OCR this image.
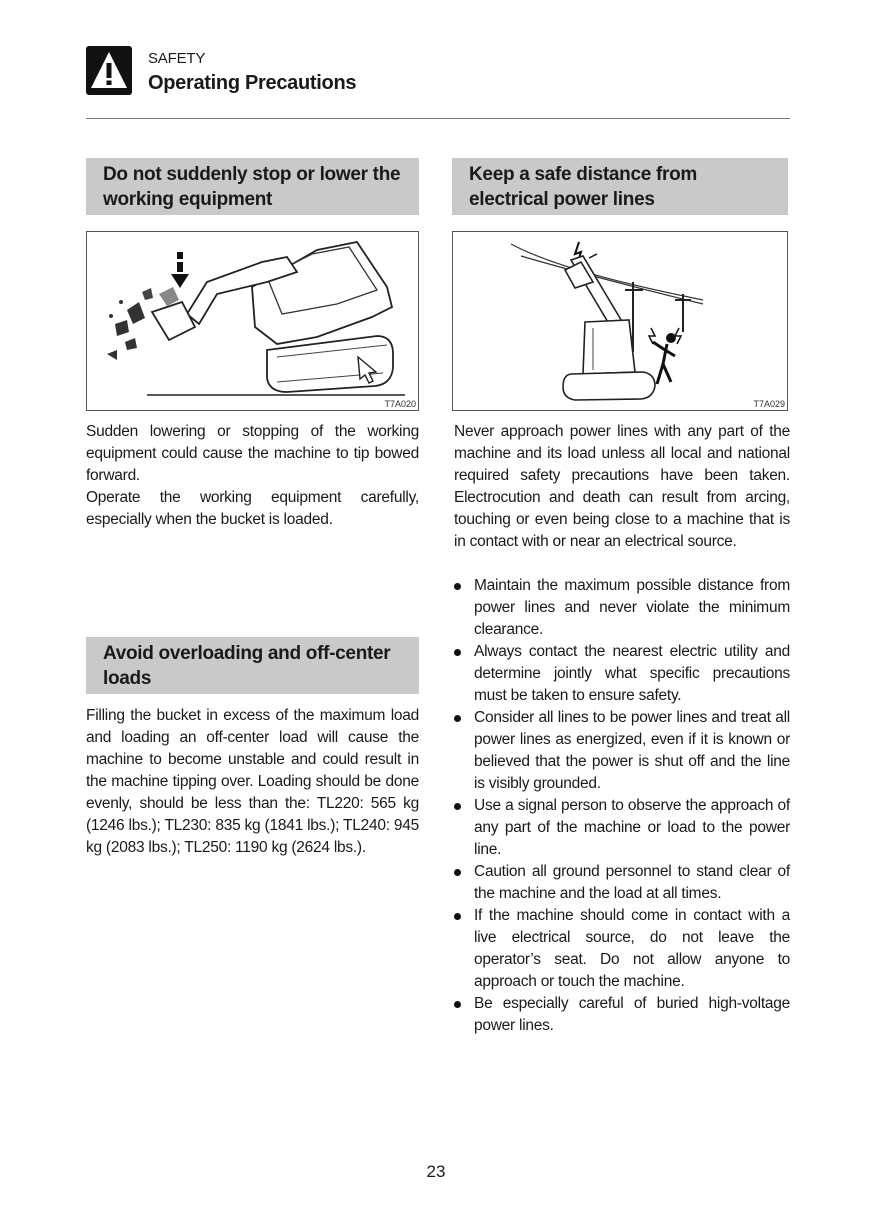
SAFETY
Operating Precautions
Do not suddenly stop or lower the working equipment
T7A020

Sudden lowering or stopping of the working equipment could cause the machine to tip bowed forward.

Operate the working equipment carefully, especially when the bucket is loaded.

Avoid overloading and off-center loads

Filling the bucket in excess of the maximum load and loading an off-center load will cause the machine to become unstable and could result in the machine tipping over. Loading should be done evenly, should be less than the: TL220: 565 kg (1246 lbs.); TL230: 835 kg (1841 lbs.); TL240: 945 kg (2083 lbs.); TL250: 1190 kg (2624 lbs.).

Keep a safe distance from electrical power lines
T7A029

Never approach power lines with any part of the machine and its load unless all local and national required safety precautions have been taken. Electrocution and death can result from arcing, touching or even being close to a machine that is in contact with or near an electrical source.

Maintain the maximum possible distance from power lines and never violate the minimum clearance.
Always contact the nearest electric utility and determine jointly what specific precautions must be taken to ensure safety.
Consider all lines to be power lines and treat all power lines as energized, even if it is known or believed that the power is shut off and the line is visibly grounded.
Use a signal person to observe the approach of any part of the machine or load to the power line.
Caution all ground personnel to stand clear of the machine and the load at all times.
If the machine should come in contact with a live electrical source, do not leave the operator’s seat. Do not allow anyone to approach or touch the machine.
Be especially careful of buried high-voltage power lines.
23
